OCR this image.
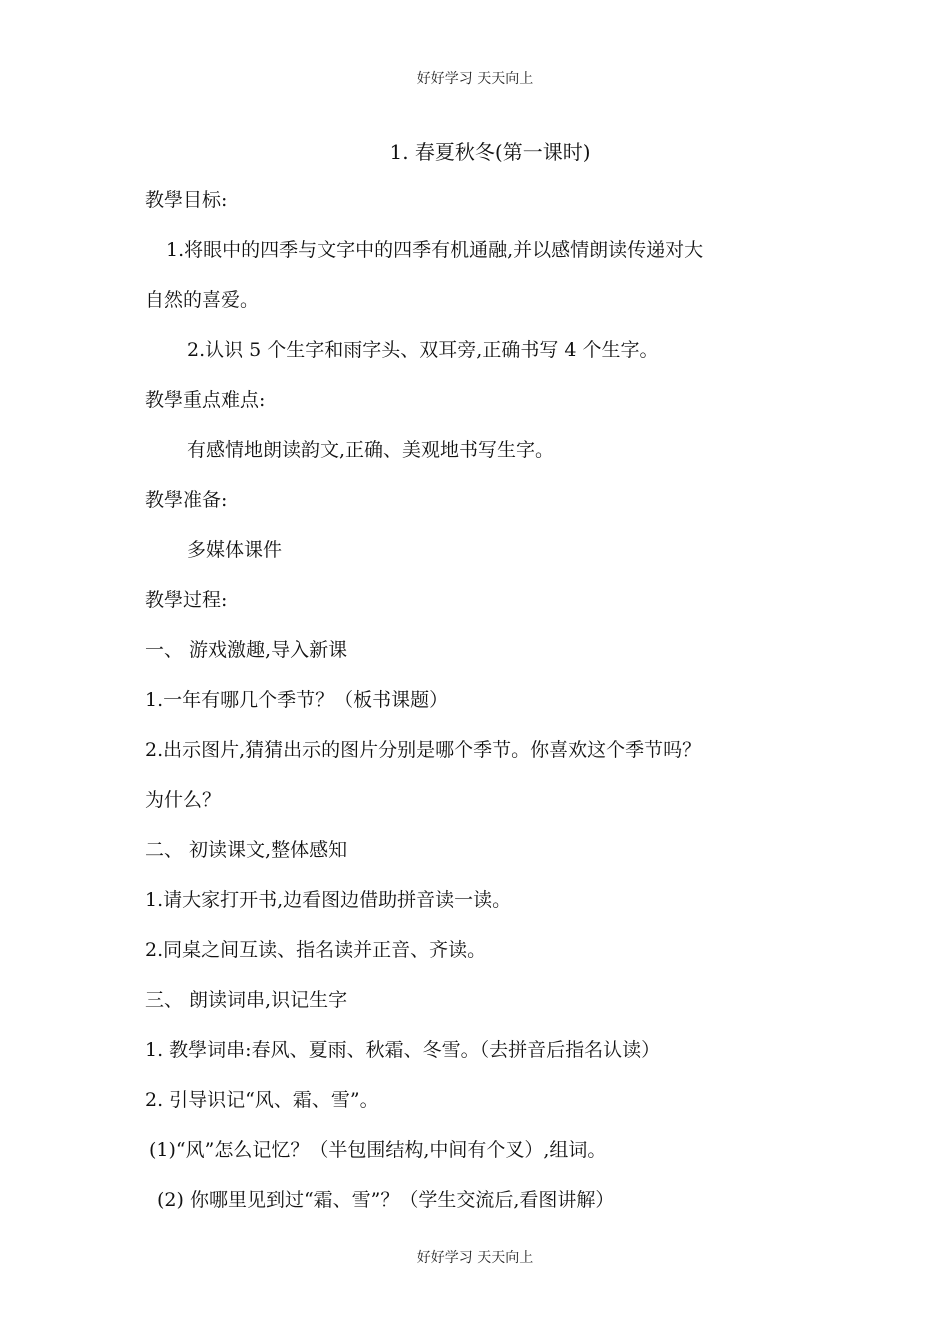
好好学习 天天向上
1. 春夏秋冬(第一课时)
教學目标:
1.将眼中的四季与文字中的四季有机通融,并以感情朗读传递对大
自然的喜爱。
2.认识 5 个生字和雨字头、双耳旁,正确书写 4 个生字。
教學重点难点:
有感情地朗读韵文,正确、美观地书写生字。
教學准备:
多媒体课件
教學过程:
一、 游戏激趣,导入新课
1.一年有哪几个季节？（板书课题）
2.出示图片,猜猜出示的图片分别是哪个季节。你喜欢这个季节吗？
为什么？
二、 初读课文,整体感知
1.请大家打开书,边看图边借助拼音读一读。
2.同桌之间互读、指名读并正音、齐读。
三、 朗读词串,识记生字
1. 教學词串:春风、夏雨、秋霜、冬雪。（去拼音后指名认读）
2. 引导识记“风、霜、雪”。
(1)“风”怎么记忆？（半包围结构,中间有个叉）,组词。
(2) 你哪里见到过“霜、雪”？（学生交流后,看图讲解）
好好学习 天天向上
